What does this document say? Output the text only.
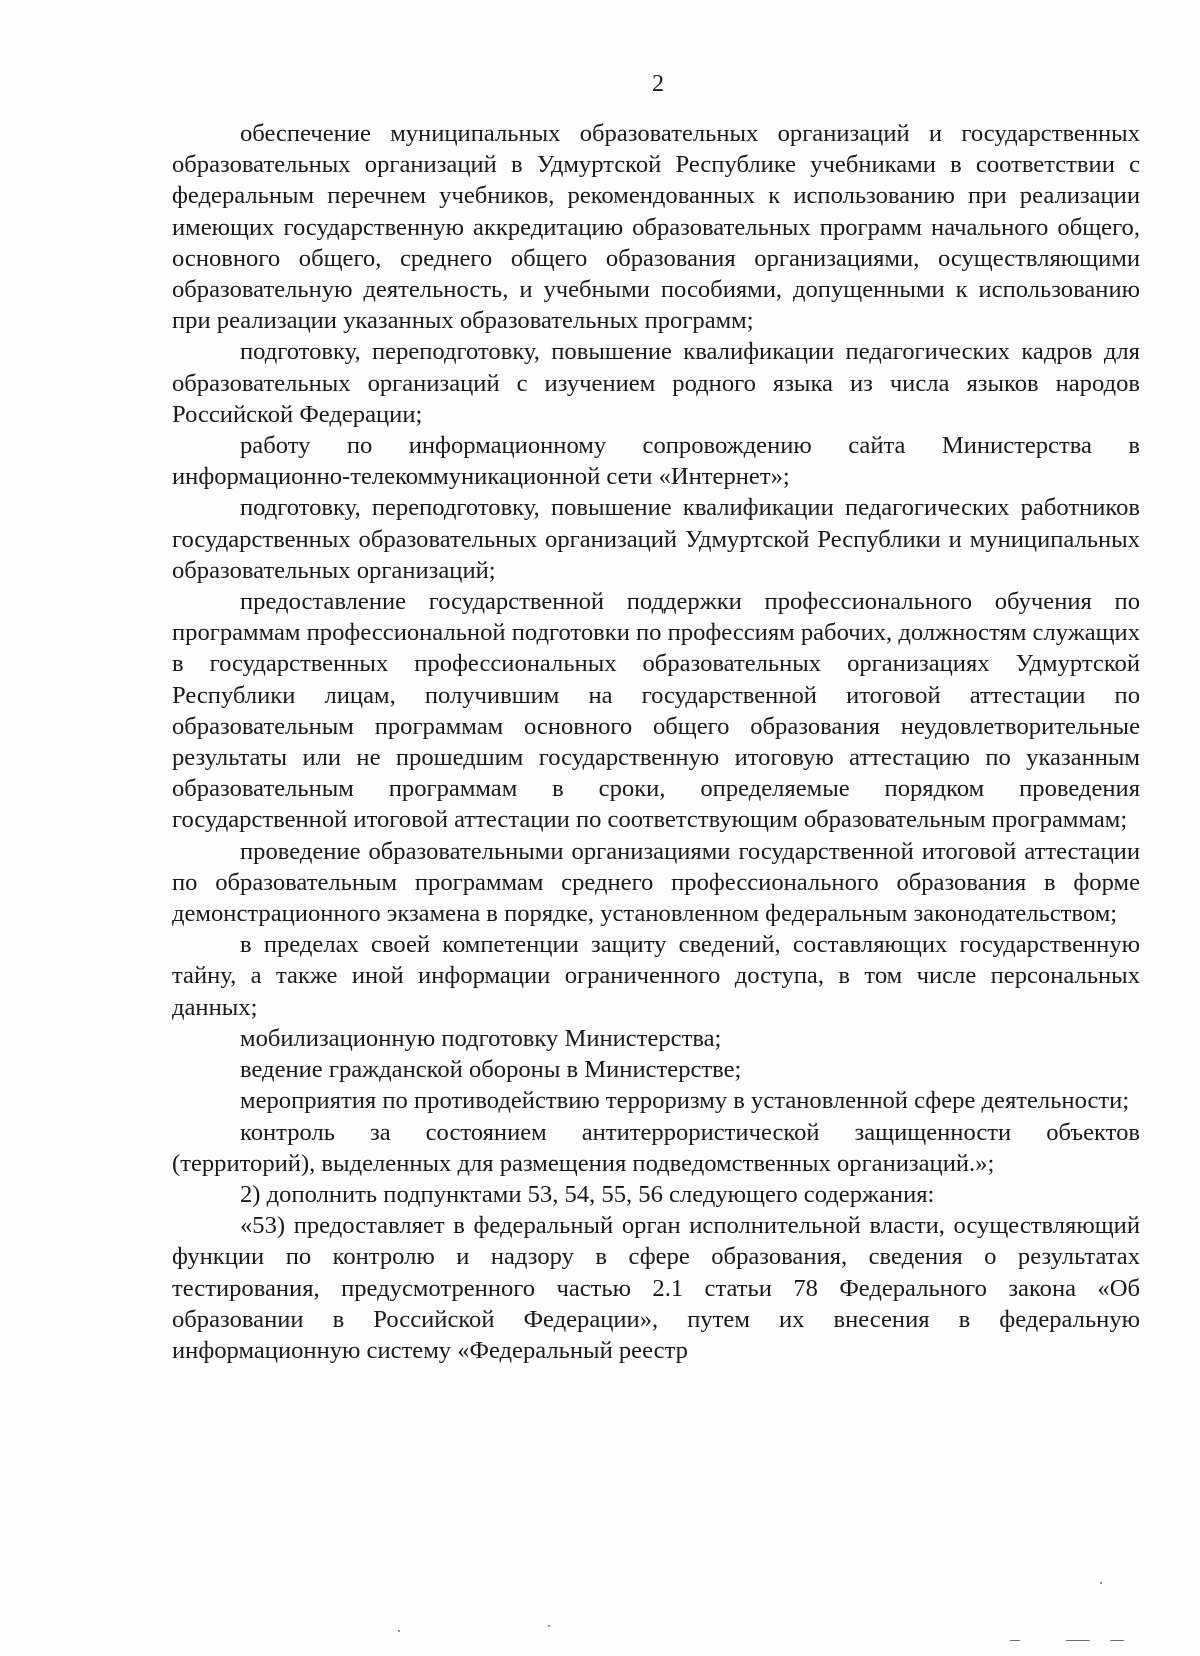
2

обеспечение муниципальных образовательных организаций и государственных образовательных организаций в Удмуртской Республике учебниками в соответствии с федеральным перечнем учебников, рекомендованных к использованию при реализации имеющих государственную аккредитацию образовательных программ начального общего, основного общего, среднего общего образования организациями, осуществляющими образовательную деятельность, и учебными пособиями, допущенными к использованию при реализации указанных образовательных программ;

подготовку, переподготовку, повышение квалификации педагогических кадров для образовательных организаций с изучением родного языка из числа языков народов Российской Федерации;

работу по информационному сопровождению сайта Министерства в информационно-телекоммуникационной сети «Интернет»;

подготовку, переподготовку, повышение квалификации педагогических работников государственных образовательных организаций Удмуртской Республики и муниципальных образовательных организаций;

предоставление государственной поддержки профессионального обучения по программам профессиональной подготовки по профессиям рабочих, должностям служащих в государственных профессиональных образовательных организациях Удмуртской Республики лицам, получившим на государственной итоговой аттестации по образовательным программам основного общего образования неудовлетворительные результаты или не прошедшим государственную итоговую аттестацию по указанным образовательным программам в сроки, определяемые порядком проведения государственной итоговой аттестации по соответствующим образовательным программам;

проведение образовательными организациями государственной итоговой аттестации по образовательным программам среднего профессионального образования в форме демонстрационного экзамена в порядке, установленном федеральным законодательством;

в пределах своей компетенции защиту сведений, составляющих государственную тайну, а также иной информации ограниченного доступа, в том числе персональных данных;

мобилизационную подготовку Министерства;

ведение гражданской обороны в Министерстве;

мероприятия по противодействию терроризму в установленной сфере деятельности;

контроль за состоянием антитеррористической защищенности объектов (территорий), выделенных для размещения подведомственных организаций.»;

2) дополнить подпунктами 53, 54, 55, 56 следующего содержания:

«53) предоставляет в федеральный орган исполнительной власти, осуществляющий функции по контролю и надзору в сфере образования, сведения о результатах тестирования, предусмотренного частью 2.1 статьи 78 Федерального закона «Об образовании в Российской Федерации», путем их внесения в федеральную информационную систему «Федеральный реестр
